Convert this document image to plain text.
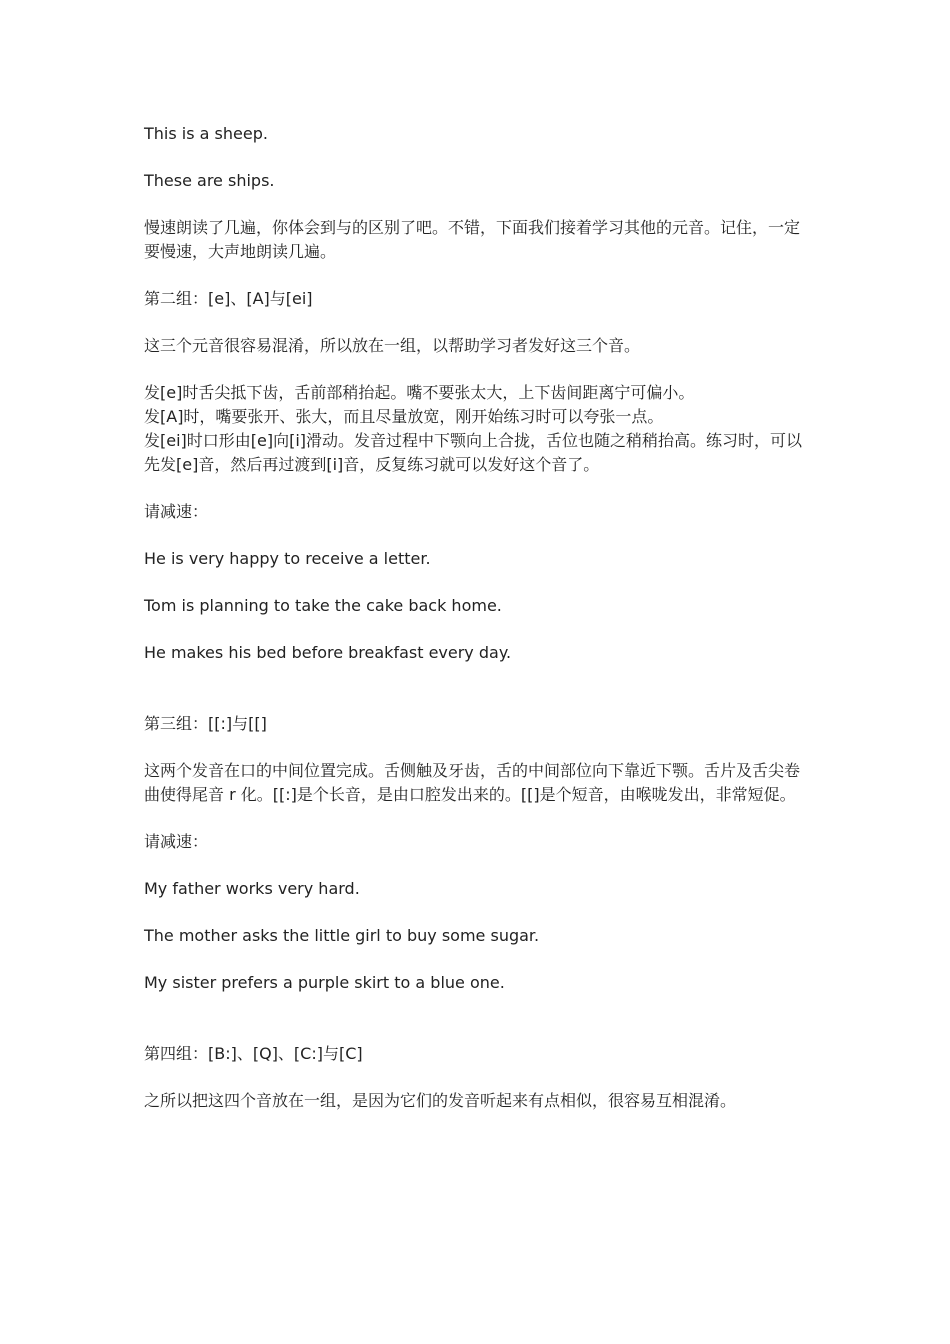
This is a sheep.

These are ships.

慢速朗读了几遍，你体会到与的区别了吧。不错，下面我们接着学习其他的元音。记住，一定要慢速，大声地朗读几遍。

第二组：[e]、[A]与[ei]

这三个元音很容易混淆，所以放在一组，以帮助学习者发好这三个音。

发[e]时舌尖抵下齿，舌前部稍抬起。嘴不要张太大，上下齿间距离宁可偏小。
发[A]时，嘴要张开、张大，而且尽量放宽，刚开始练习时可以夸张一点。
发[ei]时口形由[e]向[i]滑动。发音过程中下颚向上合拢，舌位也随之稍稍抬高。练习时，可以先发[e]音，然后再过渡到[i]音，反复练习就可以发好这个音了。

请减速：

He is very happy to receive a letter.

Tom is planning to take the cake back home.

He makes his bed before breakfast every day.

第三组：[[:]与[[]

这两个发音在口的中间位置完成。舌侧触及牙齿，舌的中间部位向下靠近下颚。舌片及舌尖卷曲使得尾音 r 化。[[:]是个长音，是由口腔发出来的。[[]是个短音，由喉咙发出，非常短促。

请减速：

My father works very hard.

The mother asks the little girl to buy some sugar.

My sister prefers a purple skirt to a blue one.

第四组：[B:]、[Q]、[C:]与[C]

之所以把这四个音放在一组，是因为它们的发音听起来有点相似，很容易互相混淆。
